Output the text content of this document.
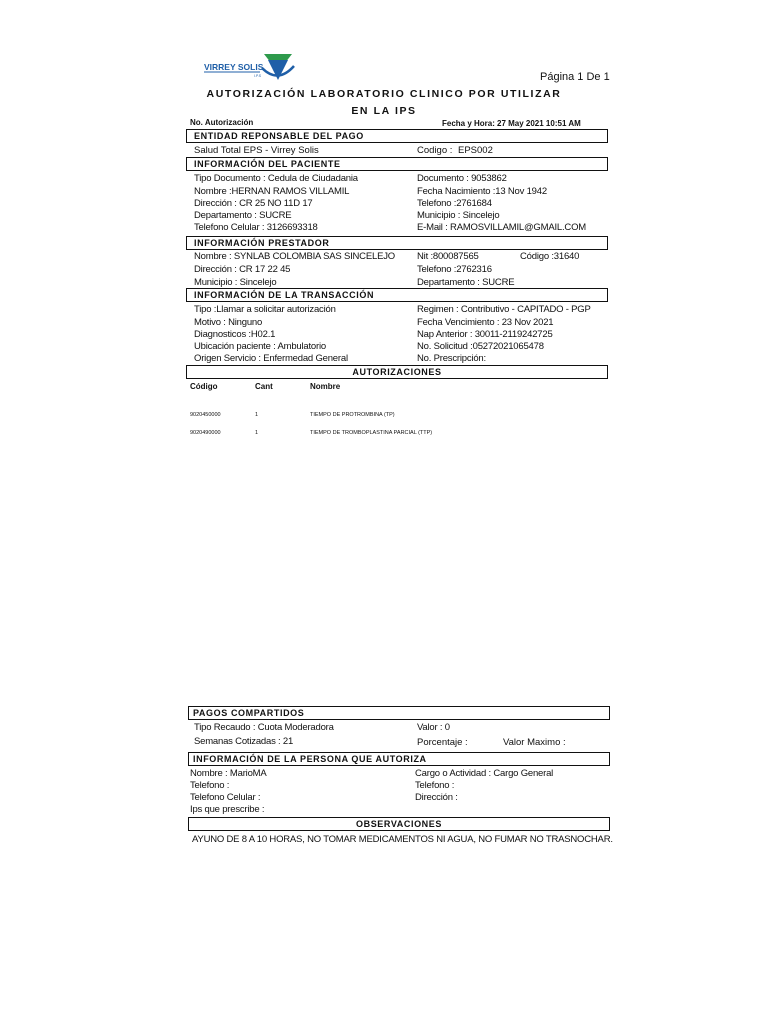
VIRREY SOLIS
I.P.S	Página 1 De 1
AUTORIZACIÓN LABORATORIO CLINICO POR UTILIZAR
EN LA IPS
No. Autorización	Fecha y Hora: 27 May 2021 10:51 AM
ENTIDAD REPONSABLE DEL PAGO
Salud Total EPS - Virrey Solis	Codigo : EPS002
INFORMACIÓN DEL PACIENTE
Tipo Documento : Cedula de Ciudadania	Documento : 9053862
Nombre :HERNAN RAMOS VILLAMIL	Fecha Nacimiento :13 Nov 1942
Dirección : CR 25 NO 11D 17	Telefono :2761684
Departamento : SUCRE	Municipio : Sincelejo
Telefono Celular : 3126693318	E-Mail : RAMOSVILLAMIL@GMAIL.COM
INFORMACIÓN PRESTADOR
Nombre : SYNLAB COLOMBIA SAS SINCELEJO Nit :800087565	Código :31640
Dirección : CR 17 22 45	Telefono :2762316
Municipio : Sincelejo	Departamento : SUCRE
INFORMACIÓN DE LA TRANSACCIÓN
Tipo :Llamar a solicitar autorización	Regimen : Contributivo - CAPITADO - PGP
Motivo : Ninguno	Fecha Vencimiento : 23 Nov 2021
Diagnosticos :H02.1	Nap Anterior : 30011-2119242725
Ubicación paciente : Ambulatorio	No. Solicitud :05272021065478
Origen Servicio : Enfermedad General	No. Prescripción:
AUTORIZACIONES
Código	Cant	Nombre
9020450000	1	TIEMPO DE PROTROMBINA (TP)
9020490000	1	TIEMPO DE TROMBOPLASTINA PARCIAL (TTP)
PAGOS COMPARTIDOS
Tipo Recaudo : Cuota Moderadora	Valor : 0
Semanas Cotizadas : 21	Porcentaje :	Valor Maximo :
INFORMACIÓN DE LA PERSONA QUE AUTORIZA
Nombre : MarioMA	Cargo o Actividad : Cargo General
Telefono :	Telefono :
Telefono Celular :	Dirección :
Ips que prescribe :
OBSERVACIONES
AYUNO DE 8 A 10 HORAS, NO TOMAR MEDICAMENTOS NI AGUA, NO FUMAR NO TRASNOCHAR.
